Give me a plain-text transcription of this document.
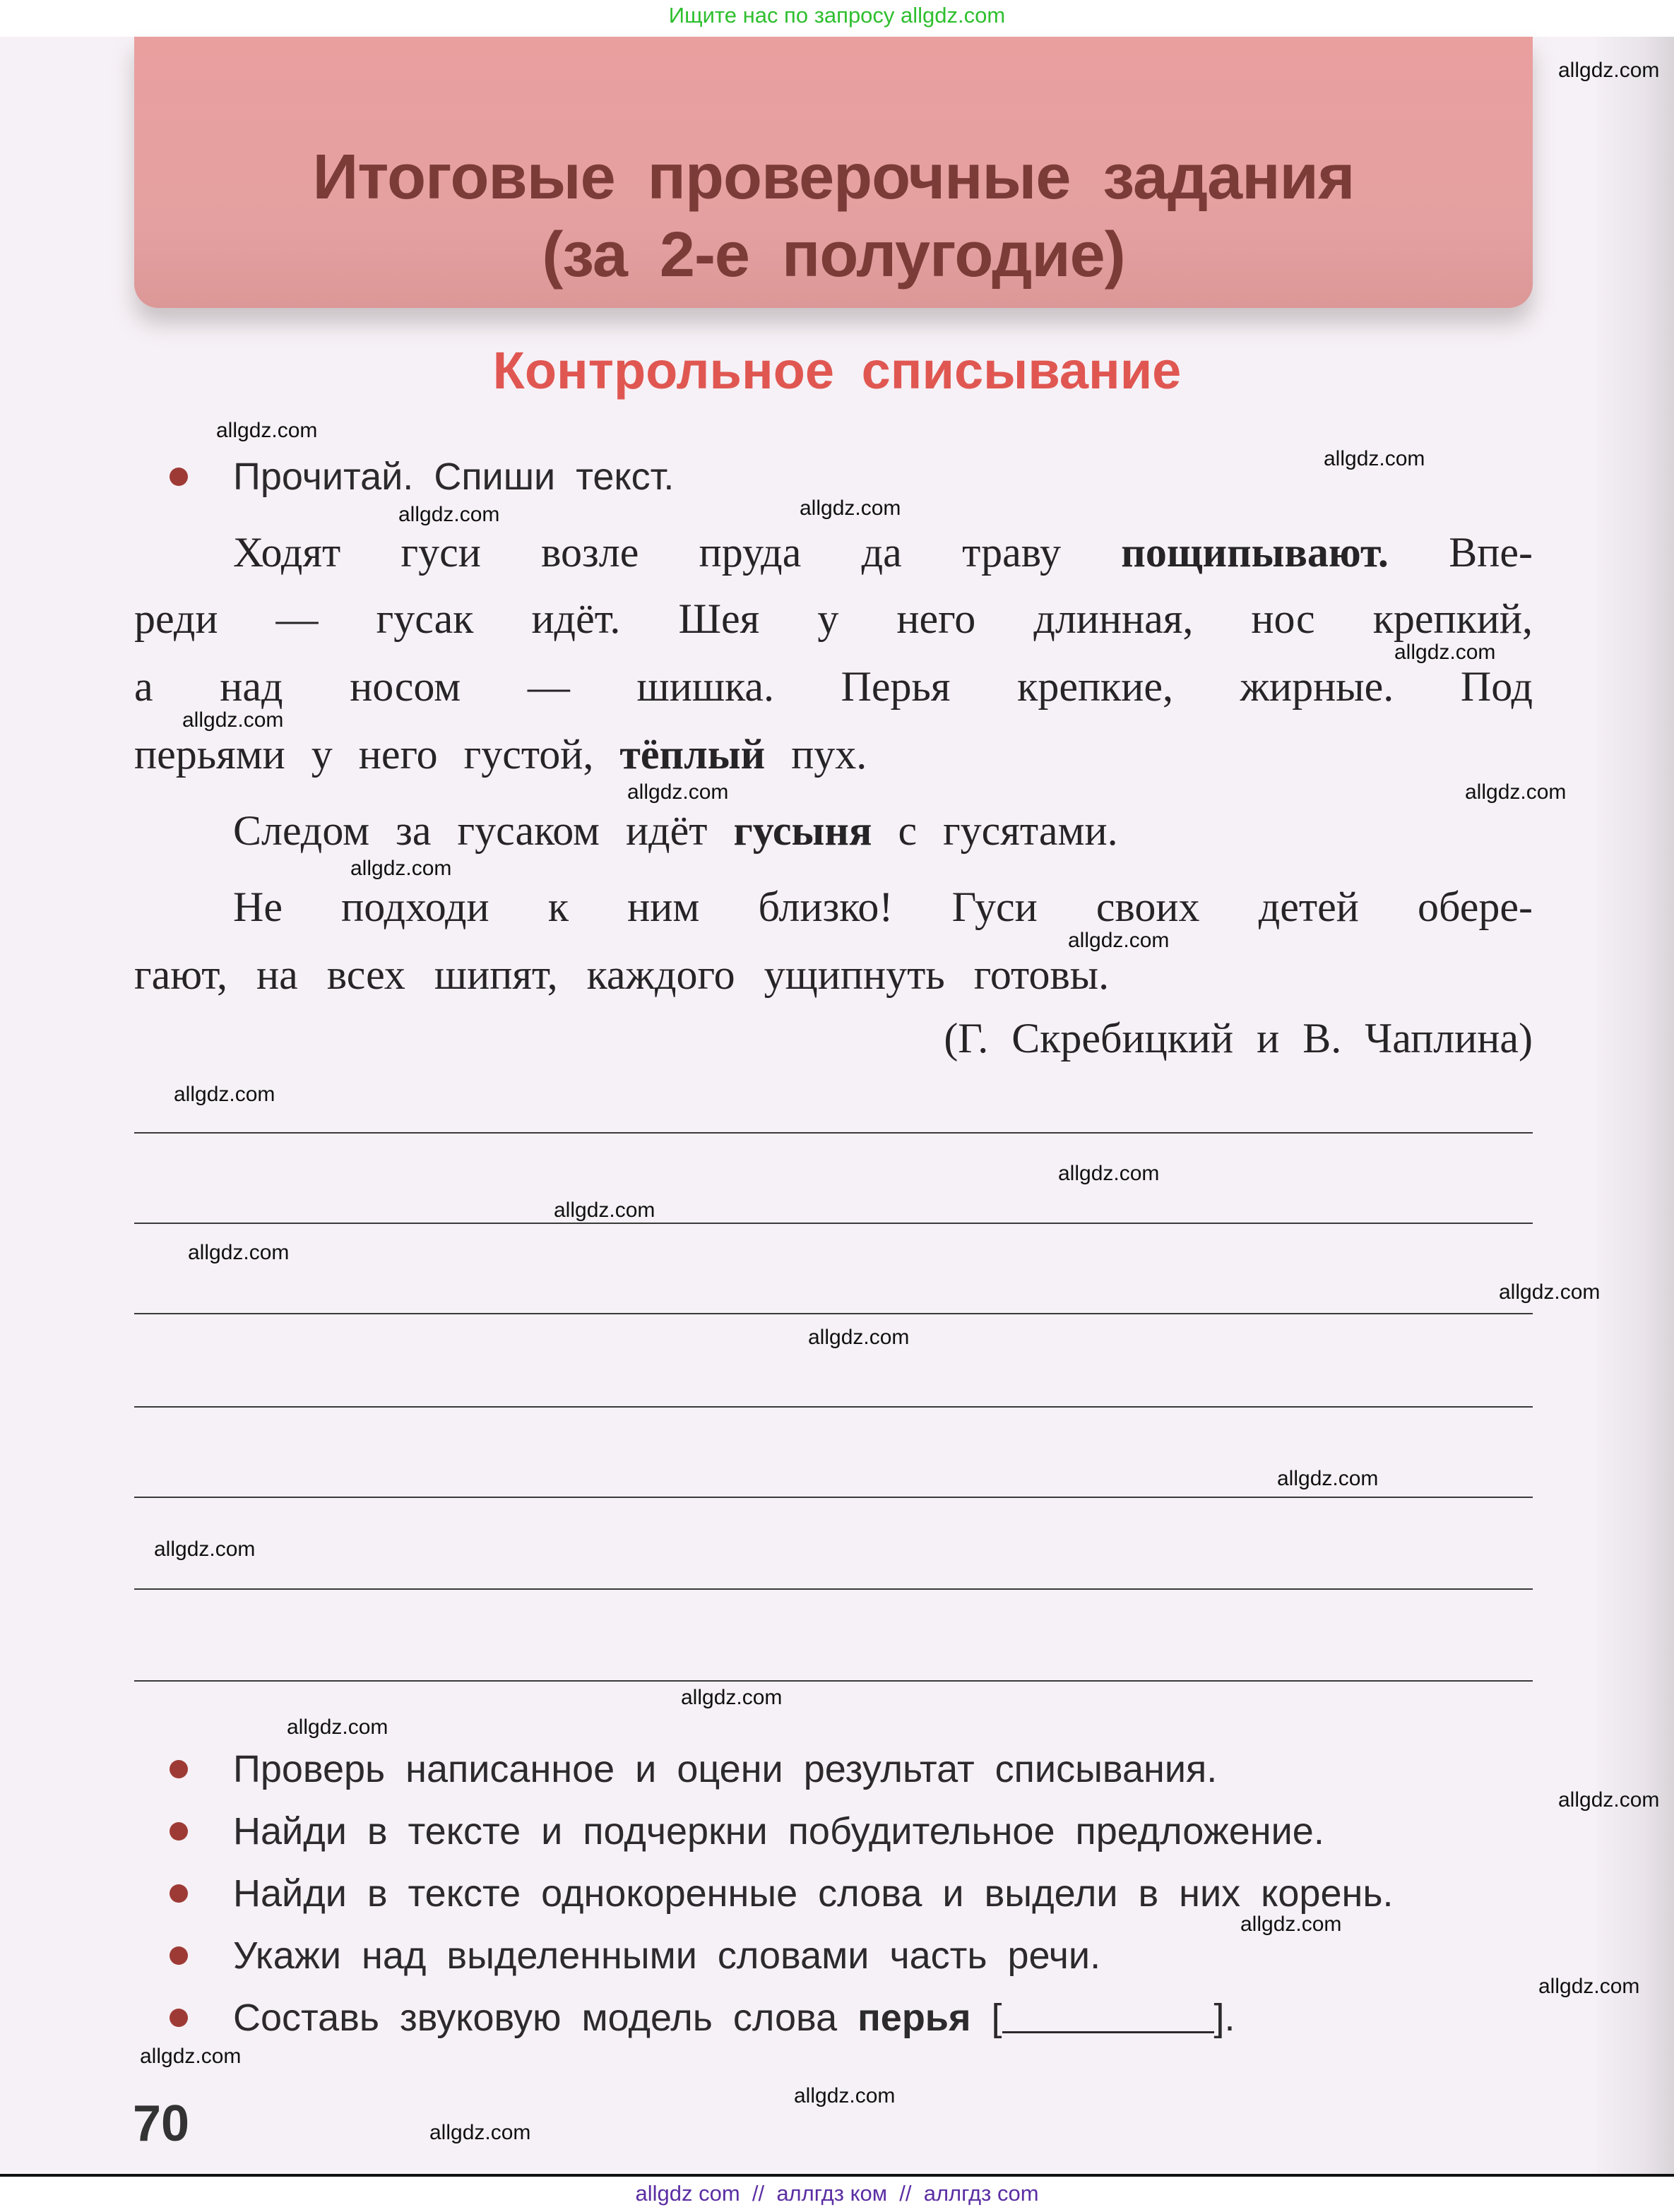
Ищите нас по запросу allgdz.com
Итоговые проверочные задания
(за 2-е полугодие)
Контрольное списывание
Прочитай. Спиши текст.
Ходят гуси возле пруда да траву пощипывают. Впе-
реди — гусак идёт. Шея у него длинная, нос крепкий,
а над носом — шишка. Перья крепкие, жирные. Под
перьями у него густой, тёплый пух.
Следом за гусаком идёт гусыня с гусятами.
Не подходи к ним близко! Гуси своих детей обере-
гают, на всех шипят, каждого ущипнуть готовы.
(Г. Скребицкий и В. Чаплина)
Проверь написанное и оцени результат списывания.
Найди в тексте и подчеркни побудительное предложение.
Найди в тексте однокоренные слова и выдели в них корень.
Укажи над выделенными словами часть речи.
Составь звуковую модель слова перья [	].
70
allgdz.com
allgdz.com
allgdz.com
allgdz.com
allgdz.com
allgdz.com
allgdz.com
allgdz.com	allgdz.com
allgdz.com
allgdz.com
allgdz.com
allgdz.com
allgdz.com
allgdz.com
allgdz.com
allgdz.com
allgdz.com
allgdz.com
allgdz.com
allgdz.com
allgdz.com
allgdz.com
allgdz.com
allgdz.com
allgdz.com
allgdz.com
allgdz com  //  аллгдз ком  //  аллгдз com
